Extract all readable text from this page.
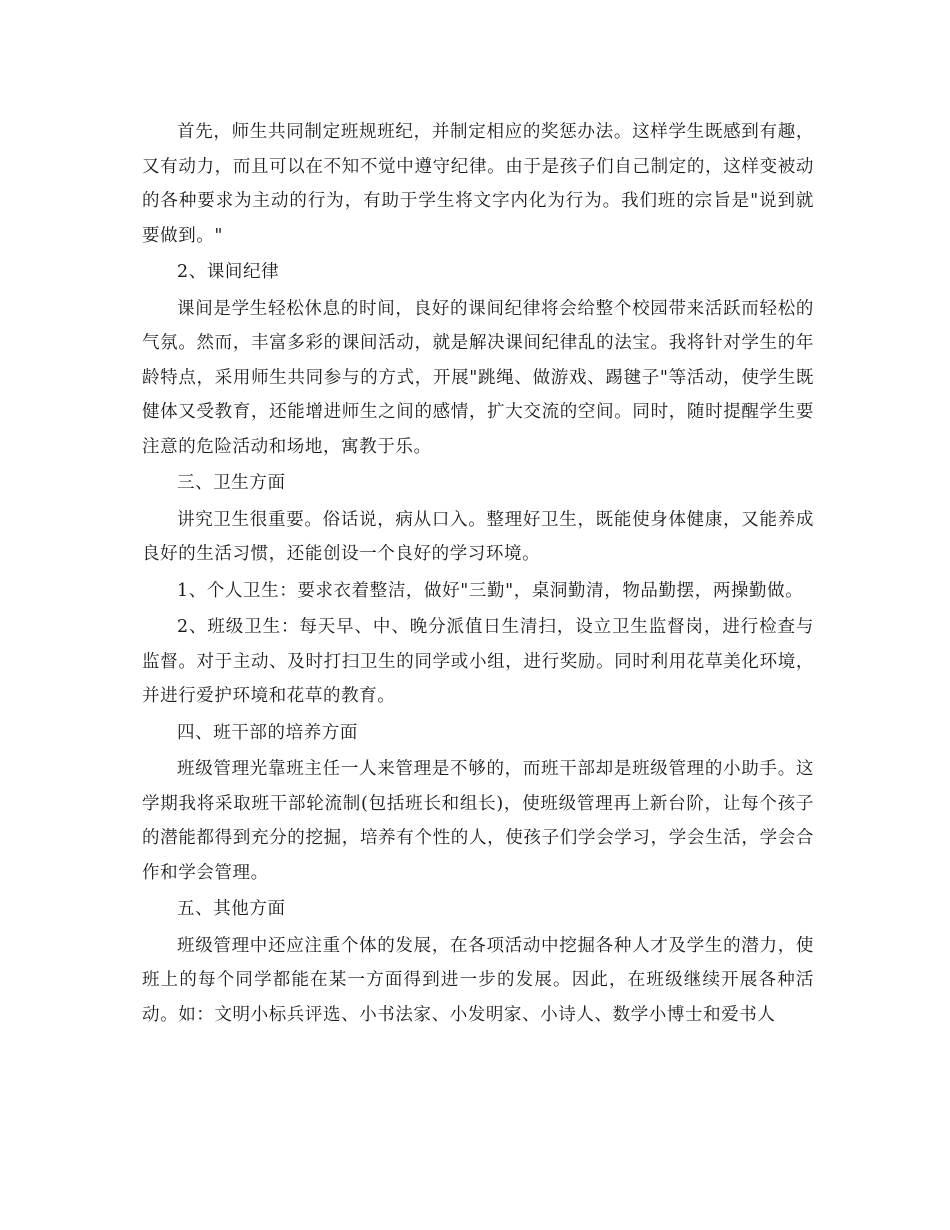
首先，师生共同制定班规班纪，并制定相应的奖惩办法。这样学生既感到有趣，又有动力，而且可以在不知不觉中遵守纪律。由于是孩子们自己制定的，这样变被动的各种要求为主动的行为，有助于学生将文字内化为行为。我们班的宗旨是"说到就要做到。"

2、课间纪律

课间是学生轻松休息的时间，良好的课间纪律将会给整个校园带来活跃而轻松的气氛。然而，丰富多彩的课间活动，就是解决课间纪律乱的法宝。我将针对学生的年龄特点，采用师生共同参与的方式，开展"跳绳、做游戏、踢毽子"等活动，使学生既健体又受教育，还能增进师生之间的感情，扩大交流的空间。同时，随时提醒学生要注意的危险活动和场地，寓教于乐。

三、卫生方面

讲究卫生很重要。俗话说，病从口入。整理好卫生，既能使身体健康，又能养成良好的生活习惯，还能创设一个良好的学习环境。

1、个人卫生：要求衣着整洁，做好"三勤"，桌洞勤清，物品勤摆，两操勤做。

2、班级卫生：每天早、中、晚分派值日生清扫，设立卫生监督岗，进行检查与监督。对于主动、及时打扫卫生的同学或小组，进行奖励。同时利用花草美化环境，并进行爱护环境和花草的教育。

四、班干部的培养方面

班级管理光靠班主任一人来管理是不够的，而班干部却是班级管理的小助手。这学期我将采取班干部轮流制(包括班长和组长)，使班级管理再上新台阶，让每个孩子的潜能都得到充分的挖掘，培养有个性的人，使孩子们学会学习，学会生活，学会合作和学会管理。

五、其他方面

班级管理中还应注重个体的发展，在各项活动中挖掘各种人才及学生的潜力，使班上的每个同学都能在某一方面得到进一步的发展。因此，在班级继续开展各种活动。如：文明小标兵评选、小书法家、小发明家、小诗人、数学小博士和爱书人
